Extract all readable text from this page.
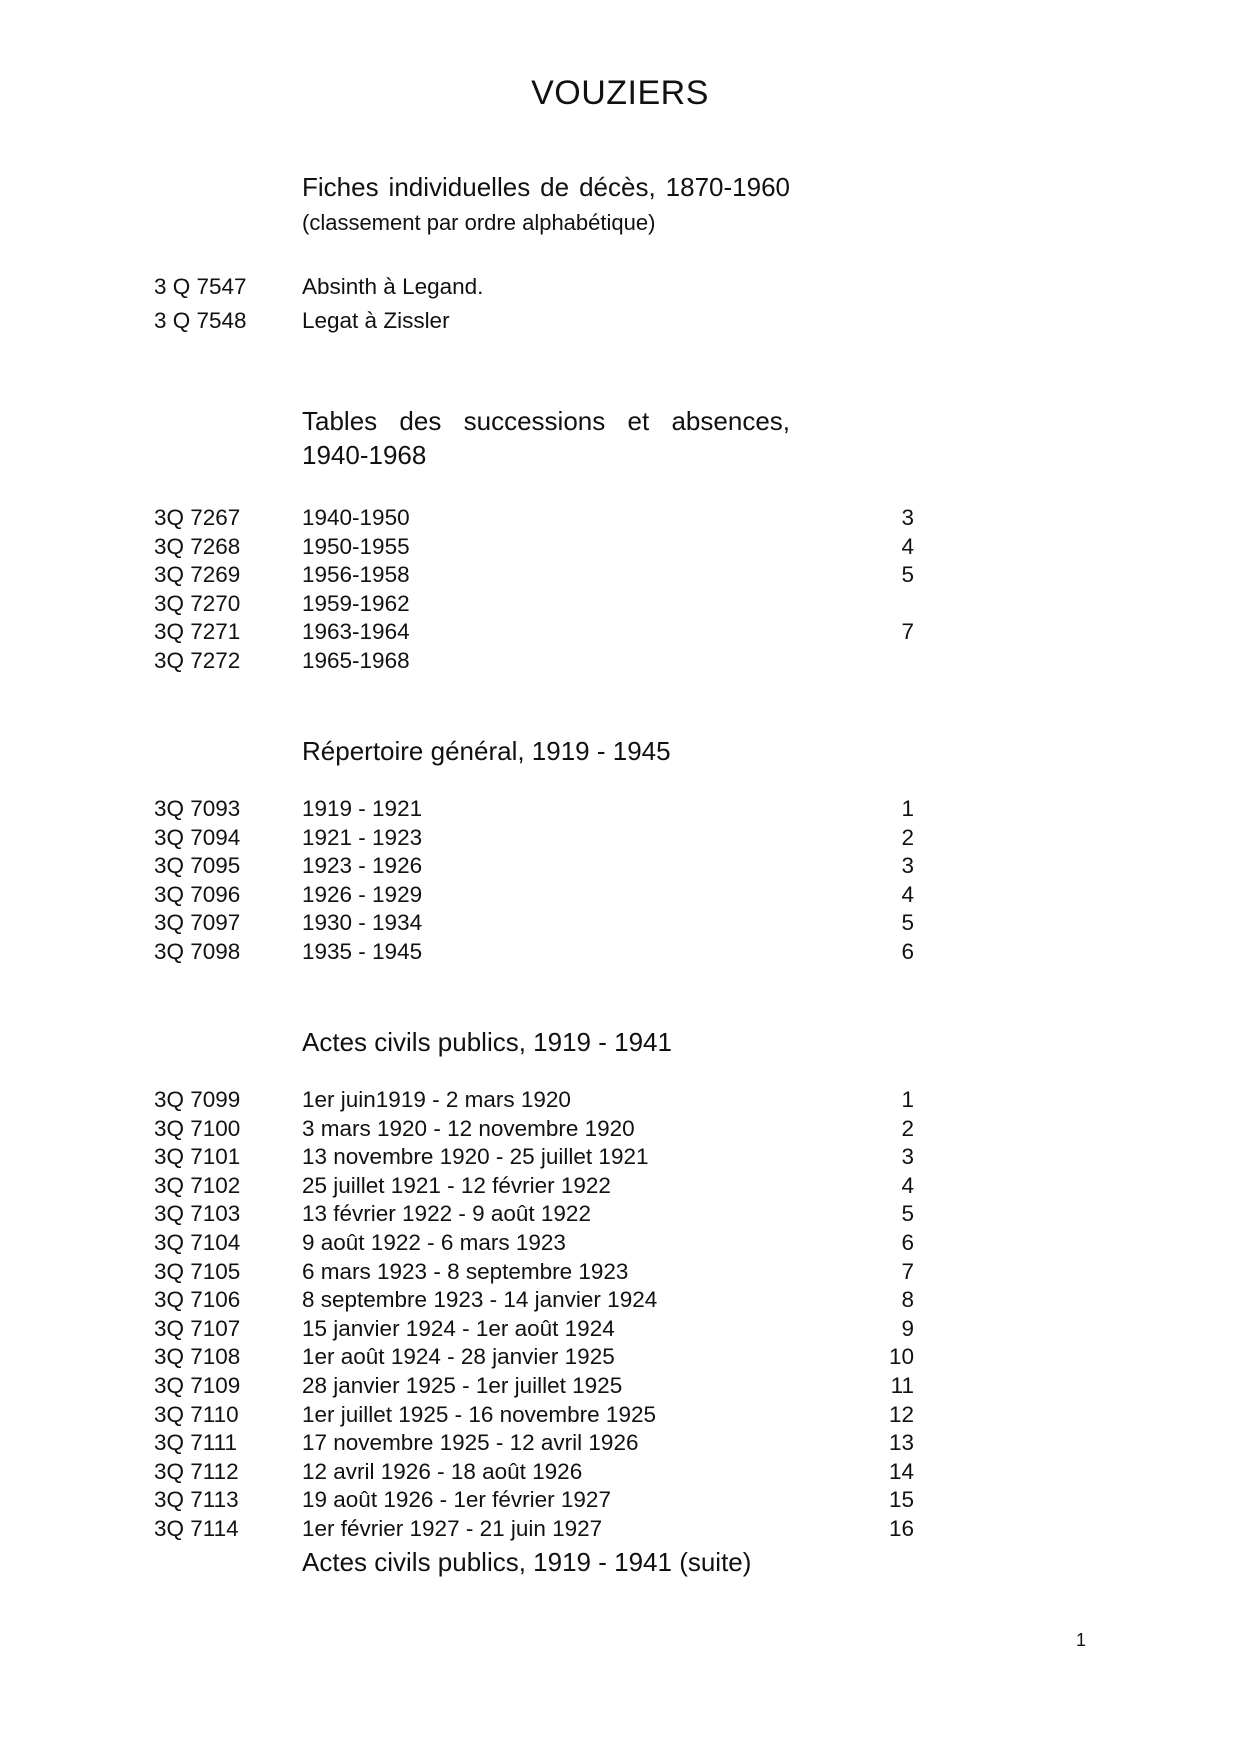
VOUZIERS
Fiches individuelles de décès, 1870-1960 (classement par ordre alphabétique)
3 Q 7547 Absinth à Legand.
3 Q 7548 Legat à Zissler
Tables des successions et absences, 1940-1968
3Q 7267	1940-1950	3
3Q 7268	1950-1955	4
3Q 7269	1956-1958	5
3Q 7270	1959-1962
3Q 7271	1963-1964	7
3Q 7272	1965-1968
Répertoire général, 1919 - 1945
3Q 7093	1919 - 1921	1
3Q 7094	1921 - 1923	2
3Q 7095	1923 - 1926	3
3Q 7096	1926 - 1929	4
3Q 7097	1930 - 1934	5
3Q 7098	1935 - 1945	6
Actes civils publics, 1919 - 1941
3Q 7099	1er juin1919 - 2 mars 1920	1
3Q 7100	3 mars 1920 - 12 novembre 1920	2
3Q 7101	13 novembre 1920 - 25 juillet 1921	3
3Q 7102	25 juillet 1921 - 12 février 1922	4
3Q 7103	13 février 1922 - 9 août 1922	5
3Q 7104	9 août 1922 - 6 mars 1923	6
3Q 7105	6 mars 1923 - 8 septembre 1923	7
3Q 7106	8 septembre 1923 - 14 janvier 1924	8
3Q 7107	15 janvier 1924 - 1er août 1924	9
3Q 7108	1er août 1924 - 28 janvier 1925	10
3Q 7109	28 janvier 1925 - 1er juillet 1925	11
3Q 7110	1er juillet 1925 - 16 novembre 1925	12
3Q 7111	17 novembre 1925 - 12 avril 1926	13
3Q 7112	12 avril 1926 - 18 août 1926	14
3Q 7113	19 août 1926 - 1er février 1927	15
3Q 7114	1er février 1927 - 21 juin 1927	16
Actes civils publics, 1919 - 1941 (suite)
1
